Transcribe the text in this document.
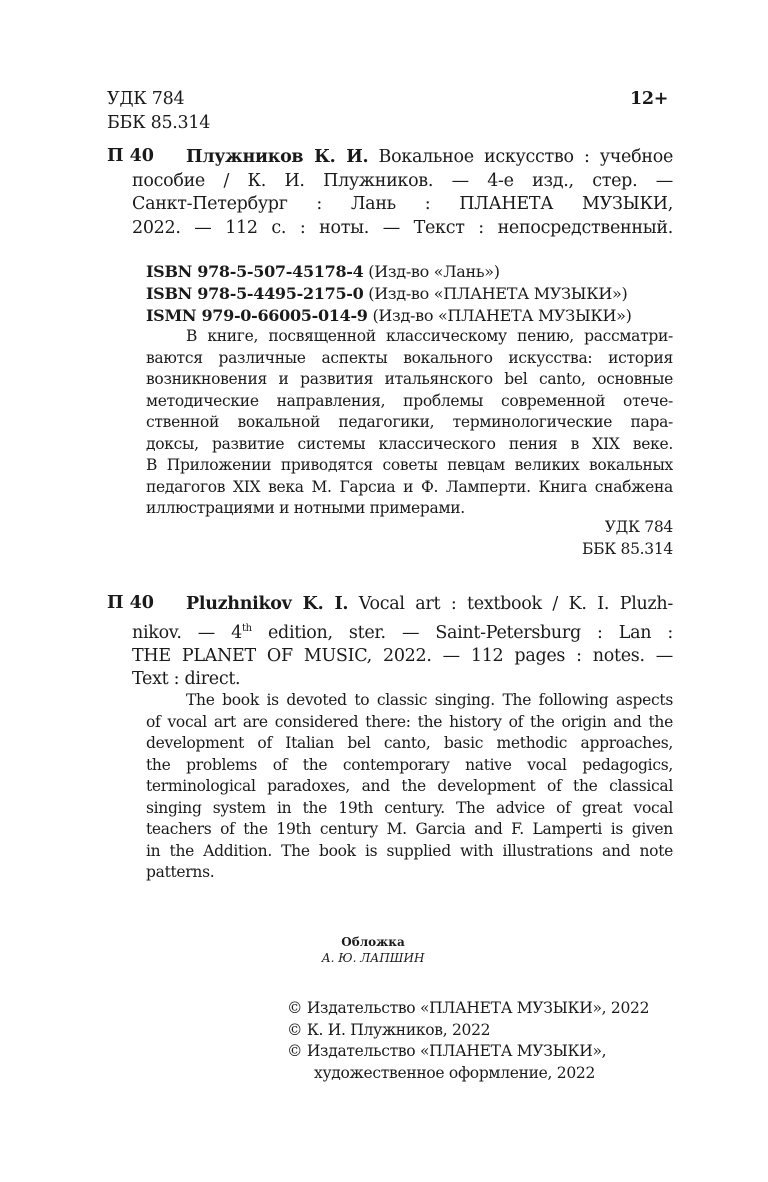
УДК 784
ББК 85.314
12+
П 40	Плужников К. И. Вокальное искусство : учебное
пособие / К. И. Плужников. — 4-е изд., стер. —
Санкт-Петербург : Лань : ПЛАНЕТА МУЗЫКИ,
2022. — 112 с. : ноты. — Текст : непосредственный.
ISBN 978-5-507-45178-4 (Изд-во «Лань»)
ISBN 978-5-4495-2175-0 (Изд-во «ПЛАНЕТА МУЗЫКИ»)
ISMN 979-0-66005-014-9 (Изд-во «ПЛАНЕТА МУЗЫКИ»)
В книге, посвященной классическому пению, рассматри-
ваются различные аспекты вокального искусства: история
возникновения и развития итальянского bel canto, основные
методические направления, проблемы современной отече-
ственной вокальной педагогики, терминологические пара-
доксы, развитие системы классического пения в XIX веке.
В Приложении приводятся советы певцам великих вокальных
педагогов XIX века М. Гарсиа и Ф. Ламперти. Книга снабжена
иллюстрациями и нотными примерами.
УДК 784
ББК 85.314
П 40	Pluzhnikov K. I. Vocal art : textbook / K. I. Pluzh-
nikov. — 4th edition, ster. — Saint-Petersburg : Lan :
THE PLANET OF MUSIC, 2022. — 112 pages : notes. —
Text : direct.
The book is devoted to classic singing. The following aspects
of vocal art are considered there: the history of the origin and the
development of Italian bel canto, basic methodic approaches,
the problems of the contemporary native vocal pedagogics,
terminological paradoxes, and the development of the classical
singing system in the 19th century. The advice of great vocal
teachers of the 19th century M. Garcia and F. Lamperti is given
in the Addition. The book is supplied with illustrations and note
patterns.
Обложка
А. Ю. ЛАПШИН
© Издательство «ПЛАНЕТА МУЗЫКИ», 2022
© К. И. Плужников, 2022
© Издательство «ПЛАНЕТА МУЗЫКИ»,
художественное оформление, 2022
